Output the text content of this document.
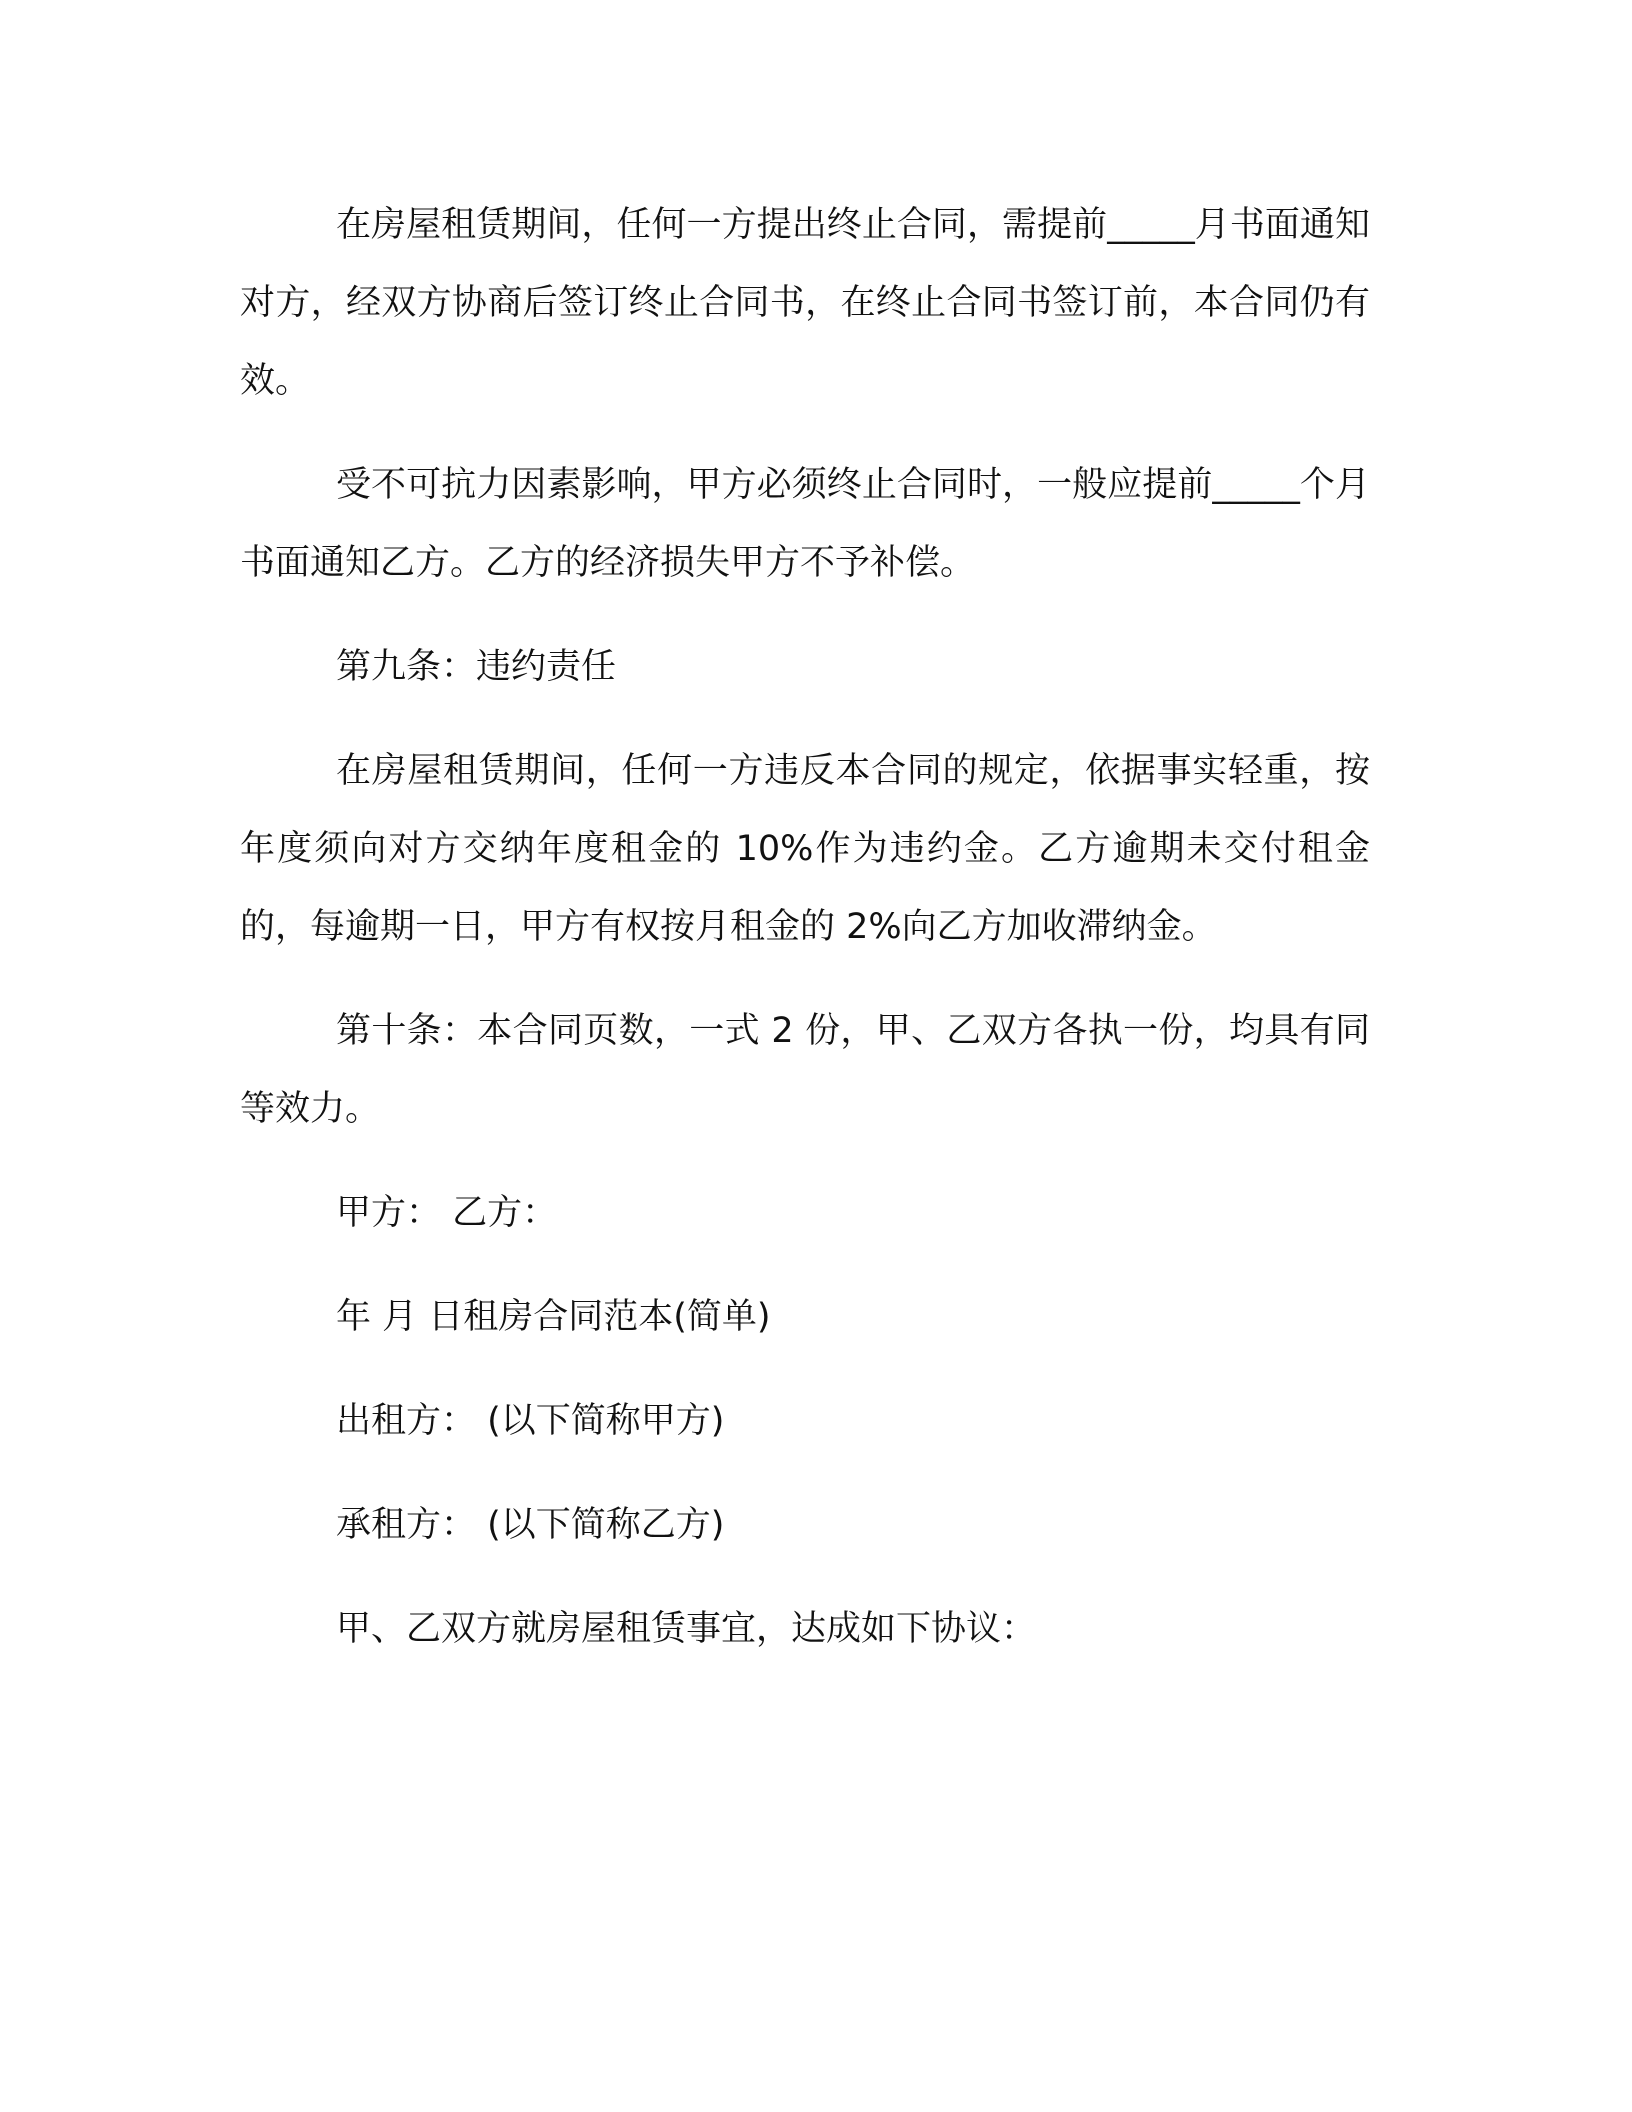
在房屋租赁期间，任何一方提出终止合同，需提前_____月书面通知对方，经双方协商后签订终止合同书，在终止合同书签订前，本合同仍有效。

受不可抗力因素影响，甲方必须终止合同时，一般应提前_____个月书面通知乙方。乙方的经济损失甲方不予补偿。

第九条：违约责任

在房屋租赁期间，任何一方违反本合同的规定，依据事实轻重，按年度须向对方交纳年度租金的 10%作为违约金。乙方逾期未交付租金的，每逾期一日，甲方有权按月租金的 2%向乙方加收滞纳金。

第十条：本合同页数，一式 2 份，甲、乙双方各执一份，均具有同等效力。

甲方： 乙方：

年 月 日租房合同范本(简单)

出租方： (以下简称甲方)

承租方： (以下简称乙方)

甲、乙双方就房屋租赁事宜，达成如下协议：
